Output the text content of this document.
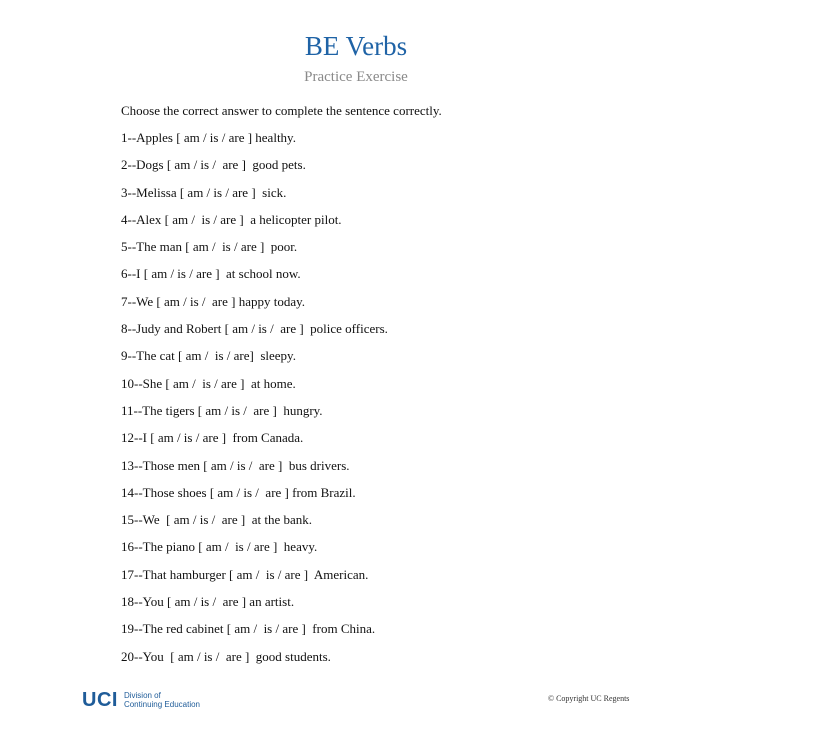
BE Verbs
Practice Exercise
Choose the correct answer to complete the sentence correctly.
1--Apples [ am / is / are ] healthy.
2--Dogs [ am / is /  are ]  good pets.
3--Melissa [ am / is / are ]  sick.
4--Alex [ am /  is / are ]  a helicopter pilot.
5--The man [ am /  is / are ]  poor.
6--I [ am / is / are ]  at school now.
7--We [ am / is /  are ] happy today.
8--Judy and Robert [ am / is /  are ]  police officers.
9--The cat [ am /  is / are]  sleepy.
10--She [ am /  is / are ]  at home.
11--The tigers [ am / is /  are ]  hungry.
12--I [ am / is / are ]  from Canada.
13--Those men [ am / is /  are ]  bus drivers.
14--Those shoes [ am / is /  are ] from Brazil.
15--We  [ am / is /  are ]  at the bank.
16--The piano [ am /  is / are ]  heavy.
17--That hamburger [ am /  is / are ]  American.
18--You [ am / is /  are ] an artist.
19--The red cabinet [ am /  is / are ]  from China.
20--You  [ am / is /  are ]  good students.
UCI Division of
Continuing Education
© Copyright UC Regents
